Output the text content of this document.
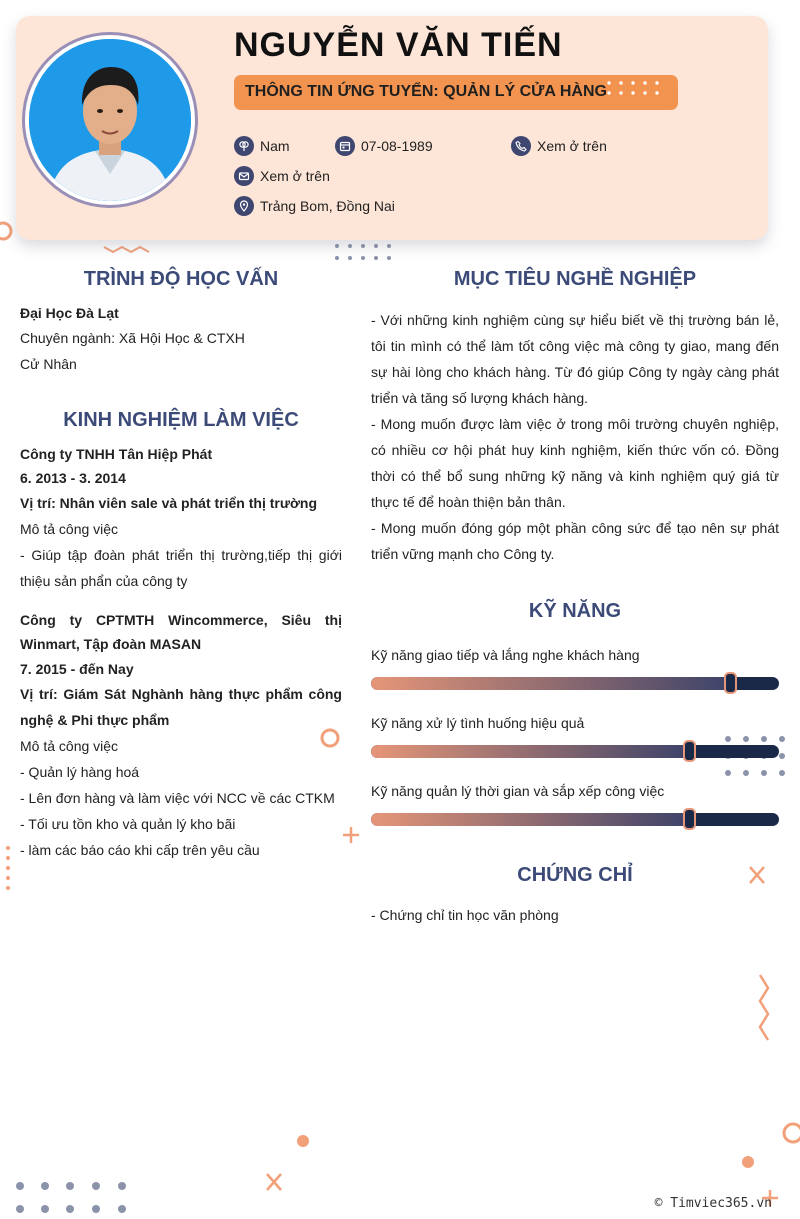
NGUYỄN VĂN TIẾN
THÔNG TIN ỨNG TUYỂN: QUẢN LÝ CỬA HÀNG
Nam	07-08-1989	Xem ở trên
Xem ở trên
Trảng Bom, Đồng Nai
TRÌNH ĐỘ HỌC VẤN
Đại Học Đà Lạt
Chuyên ngành: Xã Hội Học & CTXH
Cử Nhân
KINH NGHIỆM LÀM VIỆC
Công ty TNHH Tân Hiệp Phát
6. 2013 - 3. 2014
Vị trí: Nhân viên sale và phát triển thị trường
Mô tả công việc
- Giúp tập đoàn phát triển thị trường,tiếp thị giới thiệu sản phẩn của công ty
Công ty CPTMTH Wincommerce, Siêu thị Winmart, Tập đoàn MASAN
7. 2015 - đến Nay
Vị trí: Giám Sát Nghành hàng thực phẩm công nghệ & Phi thực phẩm
Mô tả công việc
- Quản lý hàng hoá
- Lên đơn hàng và làm việc với NCC về các CTKM
- Tối ưu tồn kho và quản lý kho bãi
- làm các báo cáo khi cấp trên yêu cầu
MỤC TIÊU NGHỀ NGHIỆP
- Với những kinh nghiệm cùng sự hiểu biết về thị trường bán lẻ, tôi tin mình có thể làm tốt công việc mà công ty giao, mang đến sự hài lòng cho khách hàng. Từ đó giúp Công ty ngày càng phát triển và tăng số lượng khách hàng.
- Mong muốn được làm việc ở trong môi trường chuyên nghiệp, có nhiều cơ hội phát huy kinh nghiệm, kiến thức vốn có. Đồng thời có thể bổ sung những kỹ năng và kinh nghiệm quý giá từ thực tế để hoàn thiện bản thân.
- Mong muốn đóng góp một phần công sức để tạo nên sự phát triển vững mạnh cho Công ty.
KỸ NĂNG
Kỹ năng giao tiếp và lắng nghe khách hàng
Kỹ năng xử lý tình huống hiệu quả
Kỹ năng quản lý thời gian và sắp xếp công việc
CHỨNG CHỈ
- Chứng chỉ tin học văn phòng
© Timviec365.vn
